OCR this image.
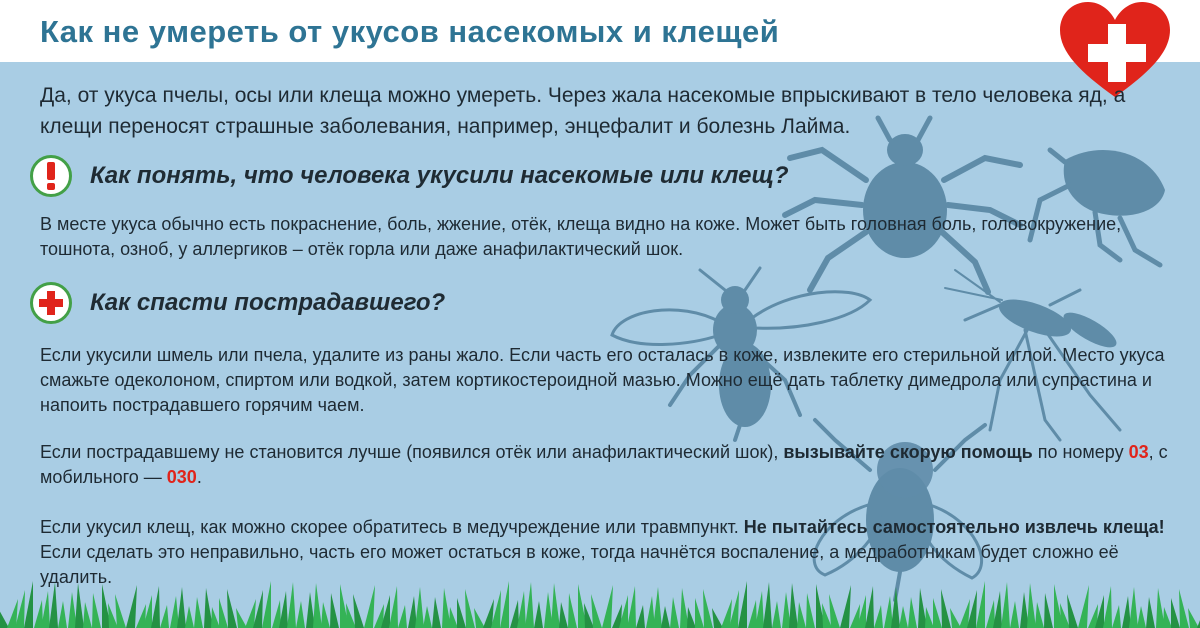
Как не умереть от укусов насекомых и клещей
Да, от укуса пчелы, осы или клеща можно умереть. Через жала насекомые впрыскивают в тело человека яд, а клещи переносят страшные заболевания, например, энцефалит и болезнь Лайма.
Как понять, что человека укусили насекомые или клещ?
В месте укуса обычно есть покраснение, боль, жжение, отёк, клеща видно на коже. Может быть головная боль, головокружение, тошнота, озноб, у аллергиков – отёк горла или даже анафилактический шок.
Как спасти пострадавшего?
Если укусили шмель или пчела, удалите из раны жало. Если часть его осталась в коже, извлеките его стерильной иглой. Место укуса смажьте одеколоном, спиртом или водкой, затем кортикостероидной мазью. Можно ещё дать таблетку димедрола или супрастина и напоить пострадавшего горячим чаем.
Если пострадавшему не становится лучше (появился отёк или анафилактический шок), вызывайте скорую помощь по номеру 03, с мобильного — 030.
Если укусил клещ, как можно скорее обратитесь в медучреждение или травмпункт. Не пытайтесь самостоятельно извлечь клеща! Если сделать это неправильно, часть его может остаться в коже, тогда начнётся воспаление, а медработникам будет сложно её удалить.
